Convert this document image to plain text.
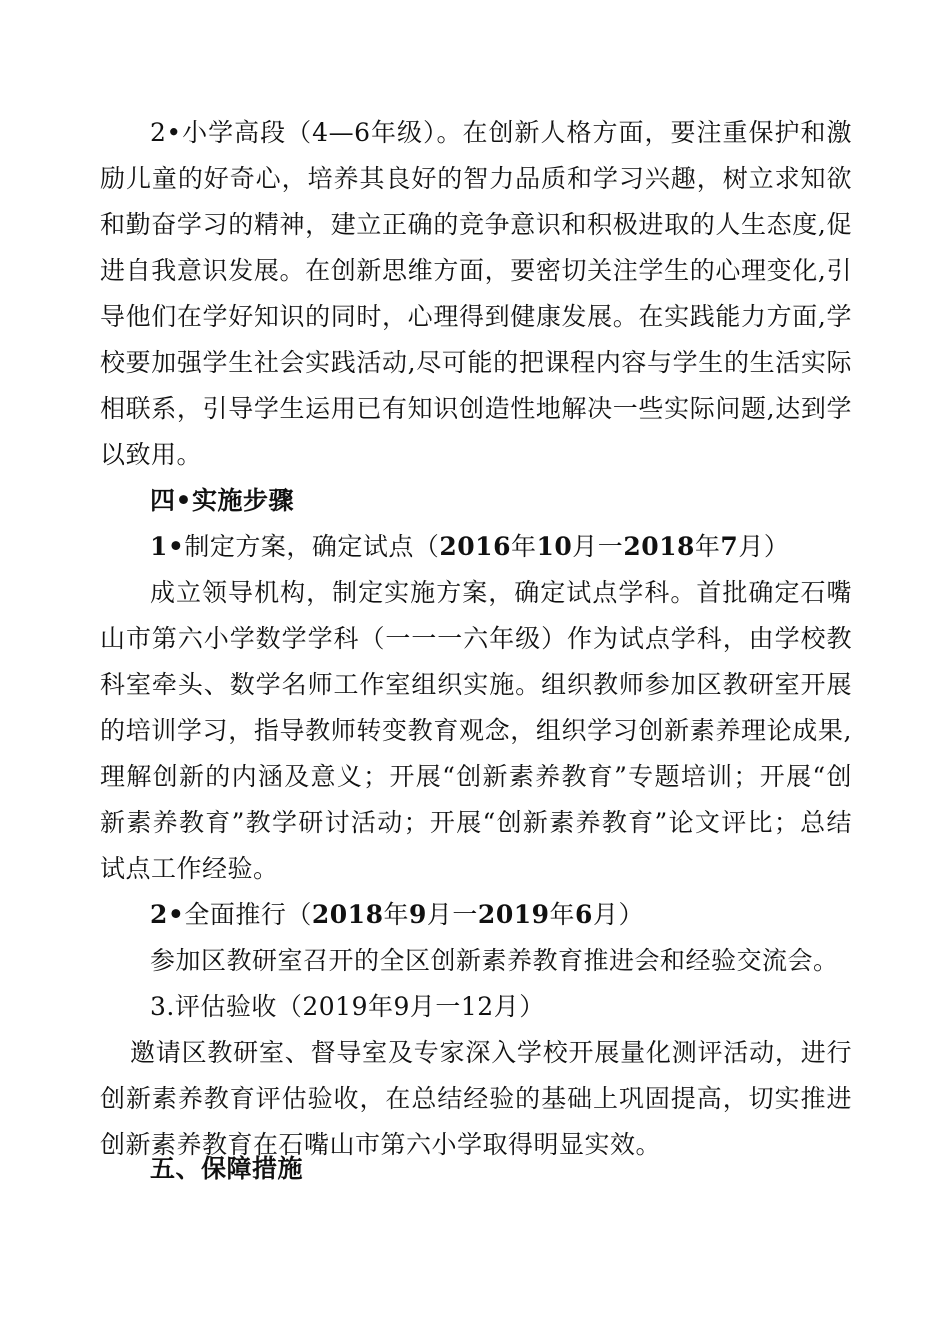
2•小学高段（4—6年级）。在创新人格方面，要注重保护和激励儿童的好奇心，培养其良好的智力品质和学习兴趣，树立求知欲和勤奋学习的精神，建立正确的竞争意识和积极进取的人生态度,促进自我意识发展。在创新思维方面，要密切关注学生的心理变化,引导他们在学好知识的同时，心理得到健康发展。在实践能力方面,学校要加强学生社会实践活动,尽可能的把课程内容与学生的生活实际相联系，引导学生运用已有知识创造性地解决一些实际问题,达到学以致用。

四•实施步骤

1•制定方案，确定试点（2016年10月一2018年7月）

成立领导机构，制定实施方案，确定试点学科。首批确定石嘴山市第六小学数学学科（一一一六年级）作为试点学科，由学校教科室牵头、数学名师工作室组织实施。组织教师参加区教研室开展的培训学习，指导教师转变教育观念，组织学习创新素养理论成果,理解创新的内涵及意义；开展“创新素养教育”专题培训；开展“创新素养教育”教学研讨活动；开展“创新素养教育”论文评比；总结试点工作经验。

2•全面推行（2018年9月一2019年6月）

参加区教研室召开的全区创新素养教育推进会和经验交流会。

3.评估验收（2019年9月一12月）

邀请区教研室、督导室及专家深入学校开展量化测评活动，进行创新素养教育评估验收，在总结经验的基础上巩固提高，切实推进创新素养教育在石嘴山市第六小学取得明显实效。

五、保障措施
